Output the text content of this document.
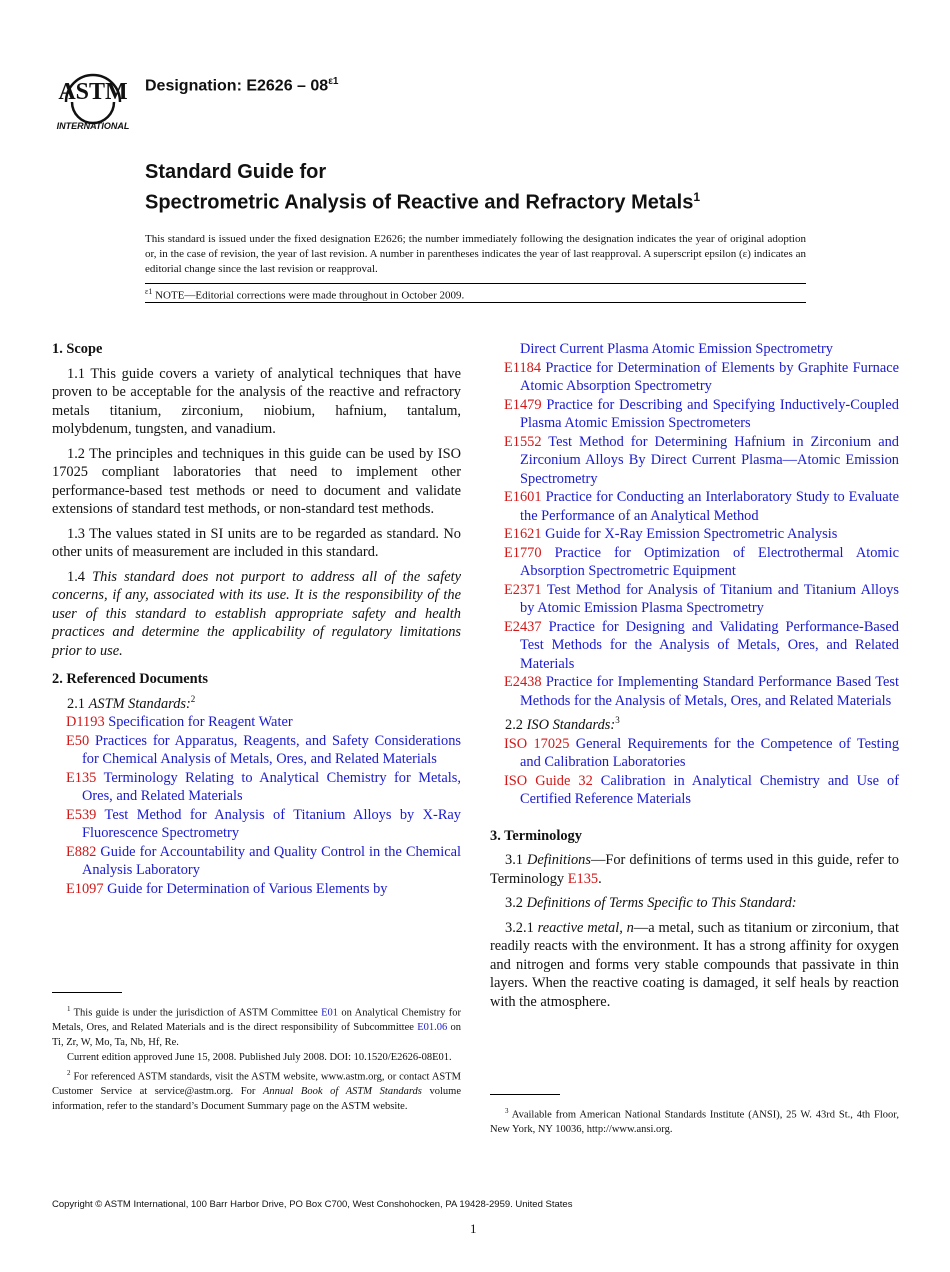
ASTM
INTERNATIONAL
Designation: $E2626 - 08^{\varepsilon 1}$
Standard Guide for
Spectrometric Analysis of Reactive and Refractory Metals$^1$
This standard is issued under the fixed designation E2626; the number immediately following the designation indicates the year of original adoption or, in the case of revision, the year of last revision. A number in parentheses indicates the year of last reapproval. A superscript epsilon (ε) indicates an editorial change since the last revision or reapproval.
$^{\varepsilon 1}$ NOTE—Editorial corrections were made throughout in October 2009.
1. Scope

1.1 This guide covers a variety of analytical techniques that have proven to be acceptable for the analysis of the reactive and refractory metals titanium, zirconium, niobium, hafnium, tantalum, molybdenum, tungsten, and vanadium.

1.2 The principles and techniques in this guide can be used by ISO 17025 compliant laboratories that need to implement other performance-based test methods or need to document and validate extensions of standard test methods, or non-standard test methods.

1.3 The values stated in SI units are to be regarded as standard. No other units of measurement are included in this standard.

1.4 This standard does not purport to address all of the safety concerns, if any, associated with its use. It is the responsibility of the user of this standard to establish appropriate safety and health practices and determine the applicability of regulatory limitations prior to use.

2. Referenced Documents

2.1 ASTM Standards:$^2$

D1193 Specification for Reagent Water
E50 Practices for Apparatus, Reagents, and Safety Considerations for Chemical Analysis of Metals, Ores, and Related Materials
E135 Terminology Relating to Analytical Chemistry for Metals, Ores, and Related Materials
E539 Test Method for Analysis of Titanium Alloys by X-Ray Fluorescence Spectrometry
E882 Guide for Accountability and Quality Control in the Chemical Analysis Laboratory
E1097 Guide for Determination of Various Elements by
Direct Current Plasma Atomic Emission Spectrometry
E1184 Practice for Determination of Elements by Graphite Furnace Atomic Absorption Spectrometry
E1479 Practice for Describing and Specifying Inductively-Coupled Plasma Atomic Emission Spectrometers
E1552 Test Method for Determining Hafnium in Zirconium and Zirconium Alloys By Direct Current Plasma—Atomic Emission Spectrometry
E1601 Practice for Conducting an Interlaboratory Study to Evaluate the Performance of an Analytical Method
E1621 Guide for X-Ray Emission Spectrometric Analysis
E1770 Practice for Optimization of Electrothermal Atomic Absorption Spectrometric Equipment
E2371 Test Method for Analysis of Titanium and Titanium Alloys by Atomic Emission Plasma Spectrometry
E2437 Practice for Designing and Validating Performance-Based Test Methods for the Analysis of Metals, Ores, and Related Materials
E2438 Practice for Implementing Standard Performance Based Test Methods for the Analysis of Metals, Ores, and Related Materials

2.2 ISO Standards:$^3$

ISO 17025 General Requirements for the Competence of Testing and Calibration Laboratories
ISO Guide 32 Calibration in Analytical Chemistry and Use of Certified Reference Materials
3. Terminology

3.1 Definitions—For definitions of terms used in this guide, refer to Terminology E135.

3.2 Definitions of Terms Specific to This Standard:

3.2.1 reactive metal, n—a metal, such as titanium or zirconium, that readily reacts with the environment. It has a strong affinity for oxygen and nitrogen and forms very stable compounds that passivate in thin layers. When the reactive coating is damaged, it self heals by reaction with the atmosphere.

$^1$ This guide is under the jurisdiction of ASTM Committee E01 on Analytical Chemistry for Metals, Ores, and Related Materials and is the direct responsibility of Subcommittee E01.06 on Ti, Zr, W, Mo, Ta, Nb, Hf, Re.

Current edition approved June 15, 2008. Published July 2008. DOI: 10.1520/E2626-08E01.

$^2$ For referenced ASTM standards, visit the ASTM website, www.astm.org, or contact ASTM Customer Service at service@astm.org. For Annual Book of ASTM Standards volume information, refer to the standard’s Document Summary page on the ASTM website.	$^3$ Available from American National Standards Institute (ANSI), 25 W. 43rd St., 4th Floor, New York, NY 10036, http://www.ansi.org.

Copyright © ASTM International, 100 Barr Harbor Drive, PO Box C700, West Conshohocken, PA 19428-2959. United States
1
